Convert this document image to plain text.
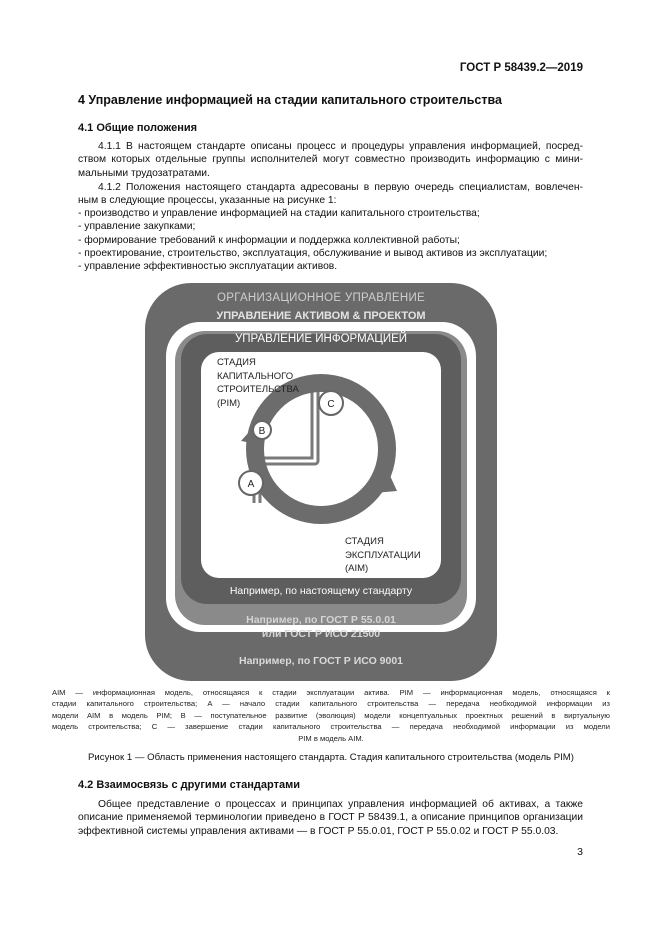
ГОСТ Р 58439.2—2019
4 Управление информацией на стадии капитального строительства
4.1 Общие положения
4.1.1 В настоящем стандарте описаны процесс и процедуры управления информацией, посред-
ством которых отдельные группы исполнителей могут совместно производить информацию с мини-
мальными трудозатратами.
4.1.2 Положения настоящего стандарта адресованы в первую очередь специалистам, вовлечен-
ным в следующие процессы, указанные на рисунке 1:
- производство и управление информацией на стадии капитального строительства;
- управление закупками;
- формирование требований к информации и поддержка коллективной работы;
- проектирование, строительство, эксплуатация, обслуживание и вывод активов из эксплуатации;
- управление эффективностью эксплуатации активов.
ОРГАНИЗАЦИОННОЕ УПРАВЛЕНИЕ
УПРАВЛЕНИЕ АКТИВОМ & ПРОЕКТОМ
УПРАВЛЕНИЕ ИНФОРМАЦИЕЙ
A
B
C
СТАДИЯ
КАПИТАЛЬНОГО
СТРОИТЕЛЬСТВА
(PIM)
СТАДИЯ
ЭКСПЛУАТАЦИИ
(AIM)
Например, по настоящему стандарту
Например, по ГОСТ Р 55.0.01
или ГОСТ Р ИСО 21500
Например, по ГОСТ Р ИСО 9001
AIM — информационная модель, относящаяся к стадии эксплуатации актива. PIM — информационная модель, относящаяся к
стадии капитального строительства; A — начало стадии капитального строительства — передача необходимой информации из
модели AIM в модель PIM; B — поступательное развитие (эволюция) модели концептуальных проектных решений в виртуальную
модель строительства; C — завершение стадии капитального строительства — передача необходимой информации из модели
PIM в модель AIM.
Рисунок 1 — Область применения настоящего стандарта. Стадия капитального строительства (модель PIM)
4.2 Взаимосвязь с другими стандартами
Общее представление о процессах и принципах управления информацией об активах, а также
описание применяемой терминологии приведено в ГОСТ Р 58439.1, а описание принципов организации
эффективной системы управления активами — в ГОСТ Р 55.0.01, ГОСТ Р 55.0.02 и ГОСТ Р 55.0.03.
3
